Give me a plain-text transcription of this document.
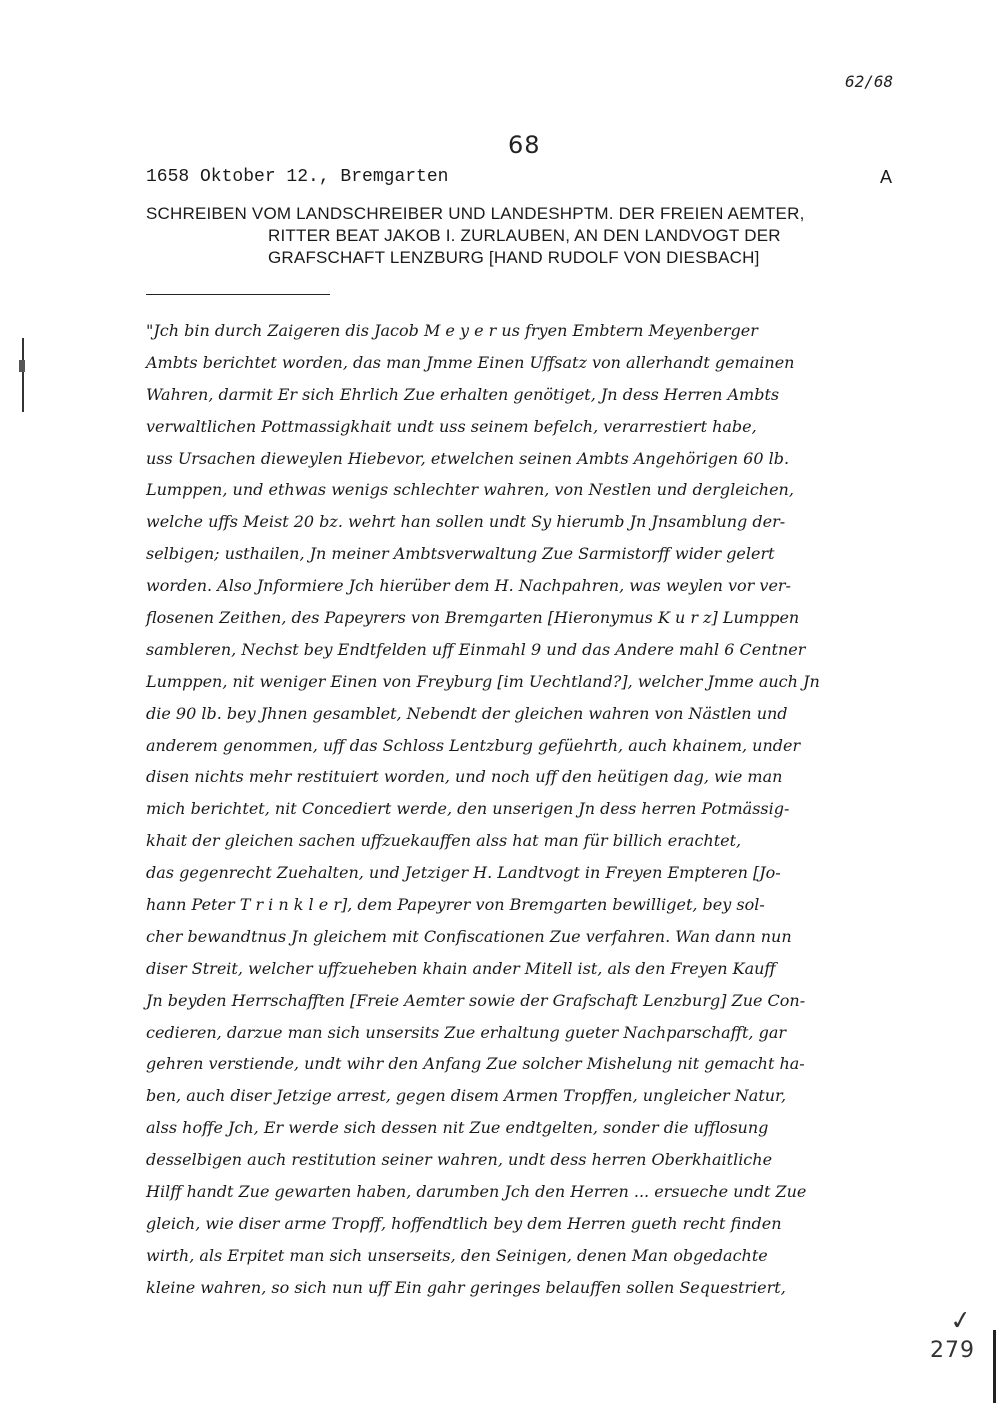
62/68
68
1658 Oktober 12., Bremgarten	A
SCHREIBEN VOM LANDSCHREIBER UND LANDESHPTM. DER FREIEN AEMTER,
RITTER BEAT JAKOB I. ZURLAUBEN, AN DEN LANDVOGT DER
GRAFSCHAFT LENZBURG [HAND RUDOLF VON DIESBACH]
"Jch bin durch Zaigeren dis Jacob M e y e r us fryen Embtern Meyenberger
Ambts berichtet worden, das man Jmme Einen Uffsatz von allerhandt gemainen
Wahren, darmit Er sich Ehrlich Zue erhalten genötiget, Jn dess Herren Ambts
verwaltlichen Pottmassigkhait undt uss seinem befelch, verarrestiert habe,
uss Ursachen dieweylen Hiebevor, etwelchen seinen Ambts Angehörigen 60 lb.
Lumppen, und ethwas wenigs schlechter wahren, von Nestlen und dergleichen,
welche uffs Meist 20 bz. wehrt han sollen undt Sy hierumb Jn Jnsamblung der-
selbigen; usthailen, Jn meiner Ambtsverwaltung Zue Sarmistorff wider gelert
worden. Also Jnformiere Jch hierüber dem H. Nachpahren, was weylen vor ver-
flosenen Zeithen, des Papeyrers von Bremgarten [Hieronymus K u r z] Lumppen
sambleren, Nechst bey Endtfelden uff Einmahl 9 und das Andere mahl 6 Centner
Lumppen, nit weniger Einen von Freyburg [im Uechtland?], welcher Jmme auch Jn
die 90 lb. bey Jhnen gesamblet, Nebendt der gleichen wahren von Nästlen und
anderem genommen, uff das Schloss Lentzburg gefüehrth, auch khainem, under
disen nichts mehr restituiert worden, und noch uff den heütigen dag, wie man
mich berichtet, nit Concediert werde, den unserigen Jn dess herren Potmässig-
khait der gleichen sachen uffzuekauffen alss hat man für billich erachtet,
das gegenrecht Zuehalten, und Jetziger H. Landtvogt in Freyen Empteren [Jo-
hann Peter T r i n k l e r], dem Papeyrer von Bremgarten bewilliget, bey sol-
cher bewandtnus Jn gleichem mit Confiscationen Zue verfahren. Wan dann nun
diser Streit, welcher uffzueheben khain ander Mitell ist, als den Freyen Kauff
Jn beyden Herrschafften [Freie Aemter sowie der Grafschaft Lenzburg] Zue Con-
cedieren, darzue man sich unsersits Zue erhaltung gueter Nachparschafft, gar
gehren verstiende, undt wihr den Anfang Zue solcher Mishelung nit gemacht ha-
ben, auch diser Jetzige arrest, gegen disem Armen Tropffen, ungleicher Natur,
alss hoffe Jch, Er werde sich dessen nit Zue endtgelten, sonder die ufflosung
desselbigen auch restitution seiner wahren, undt dess herren Oberkhaitliche
Hilff handt Zue gewarten haben, darumben Jch den Herren ... ersueche undt Zue
gleich, wie diser arme Tropff, hoffendtlich bey dem Herren gueth recht finden
wirth, als Erpitet man sich unserseits, den Seinigen, denen Man obgedachte
kleine wahren, so sich nun uff Ein gahr geringes belauffen sollen Sequestriert,
✓
279
